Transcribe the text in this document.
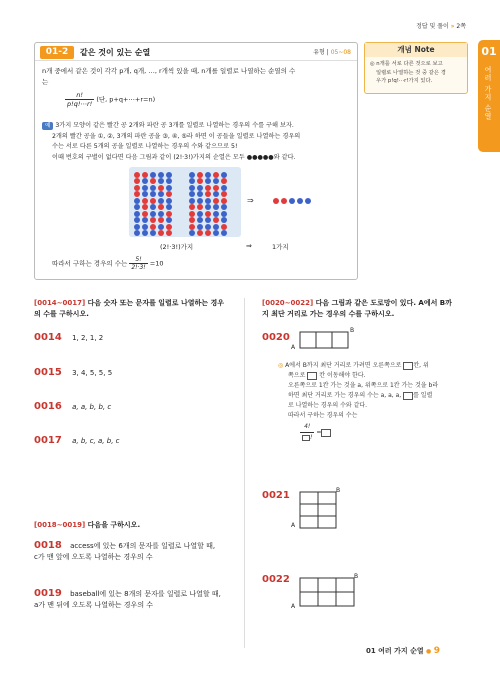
정답 및 풀이 » 2쪽
01
여러 가지 순열
01-2	같은 것이 있는 순열	유형 | 05~08
n개 중에서 같은 것이 각각 p개, q개, …, r개씩 있을 때, n개를 일렬로 나열하는 순열의 수
는
$\frac{n!}{p!q!\cdots r!}$ (단, p+q+⋯+r=n)
예 3가지 모양이 같은 빨간 공 2개와 파란 공 3개를 일렬로 나열하는 경우의 수를 구해 보자.
2개의 빨간 공을 ①, ②, 3개의 파란 공을 ③, ④, ⑤라 하면 이 공들을 일렬로 나열하는 경우의
수는 서로 다른 5개의 공을 일렬로 나열하는 경우의 수와 같으므로 5!
이때 번호의 구별이 없다면 다음 그림과 같이 (2!·3!)가지의 순열은 모두 ●●●●●와 같다.
⇒
(2!·3!)가지	⇒	1가지
따라서 구하는 경우의 수는 $\frac{5!}{2!\cdot 3!} =10$
개념 Note
◎ n개를 서로 다른 것으로 보고
일렬로 나열하는 것 중 같은 경
우가 p!q!⋯r!가지 있다.
[0014~0017] 다음 숫자 또는 문자를 일렬로 나열하는 경우
의 수를 구하시오.
0014 1, 2, 1, 2
0015 3, 4, 5, 5, 5
0016 a, a, b, b, c
0017 a, b, c, a, b, c
[0018~0019] 다음을 구하시오.
0018 access에 있는 6개의 문자를 일렬로 나열할 때,
c가 맨 앞에 오도록 나열하는 경우의 수
0019 baseball에 있는 8개의 문자를 일렬로 나열할 때,
a가 맨 뒤에 오도록 나열하는 경우의 수
[0020~0022] 다음 그림과 같은 도로망이 있다. A에서 B까
지 최단 거리로 가는 경우의 수를 구하시오.
0020
A
B
◎ A에서 B까지 최단 거리로 가려면 오른쪽으로 칸, 위
쪽으로 칸 이동해야 한다.
오른쪽으로 1칸 가는 것을 a, 위쪽으로 1칸 가는 것을 b라
하면 최단 거리로 가는 경우의 수는 a, a, a, 를 일렬
로 나열하는 경우의 수와 같다.
따라서 구하는 경우의 수는
$\frac{4!}{!}$ =
0021
A
B
0022
A
B
01 여러 가지 순열 ● 9
